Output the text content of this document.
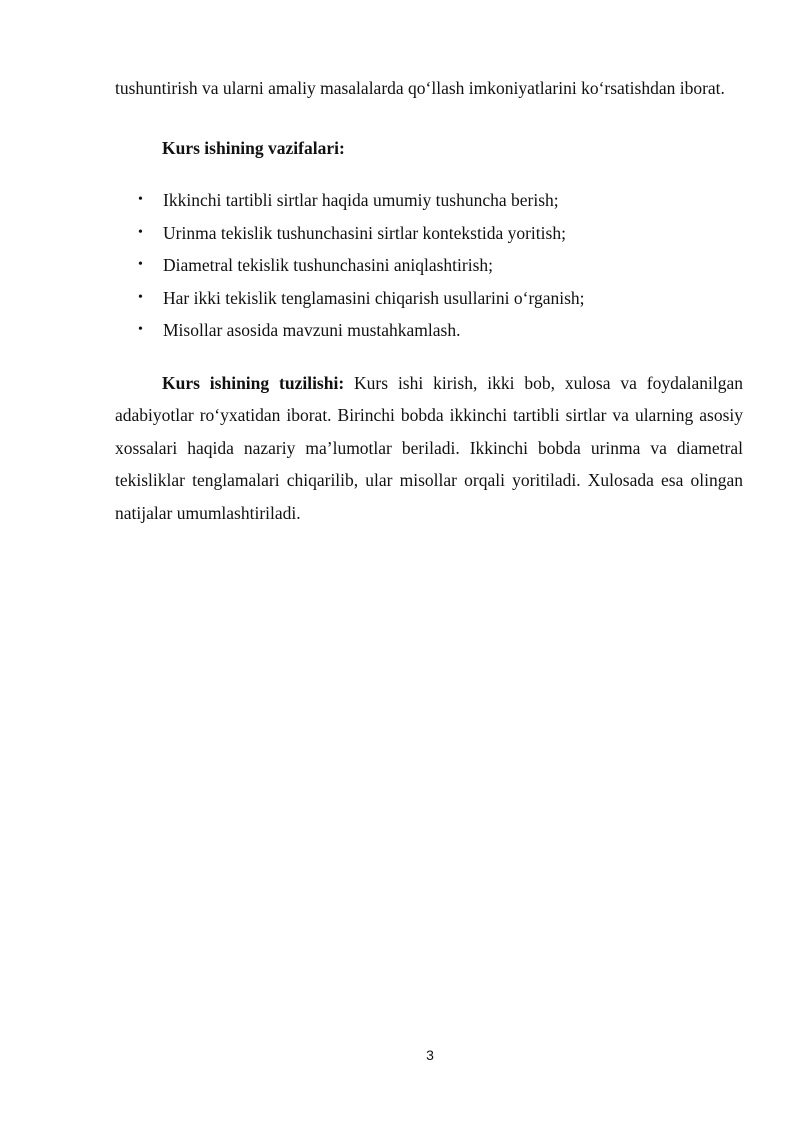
tushuntirish va ularni amaliy masalalarda qo‘llash imkoniyatlarini ko‘rsatishdan iborat.

Kurs ishining vazifalari:

• Ikkinchi tartibli sirtlar haqida umumiy tushuncha berish;
• Urinma tekislik tushunchasini sirtlar kontekstida yoritish;
• Diametral tekislik tushunchasini aniqlashtirish;
• Har ikki tekislik tenglamasini chiqarish usullarini o‘rganish;
• Misollar asosida mavzuni mustahkamlash.

Kurs ishining tuzilishi: Kurs ishi kirish, ikki bob, xulosa va foydalanilgan adabiyotlar ro‘yxatidan iborat. Birinchi bobda ikkinchi tartibli sirtlar va ularning asosiy xossalari haqida nazariy ma’lumotlar beriladi. Ikkinchi bobda urinma va diametral tekisliklar tenglamalari chiqarilib, ular misollar orqali yoritiladi. Xulosada esa olingan natijalar umumlashtiriladi.

3
